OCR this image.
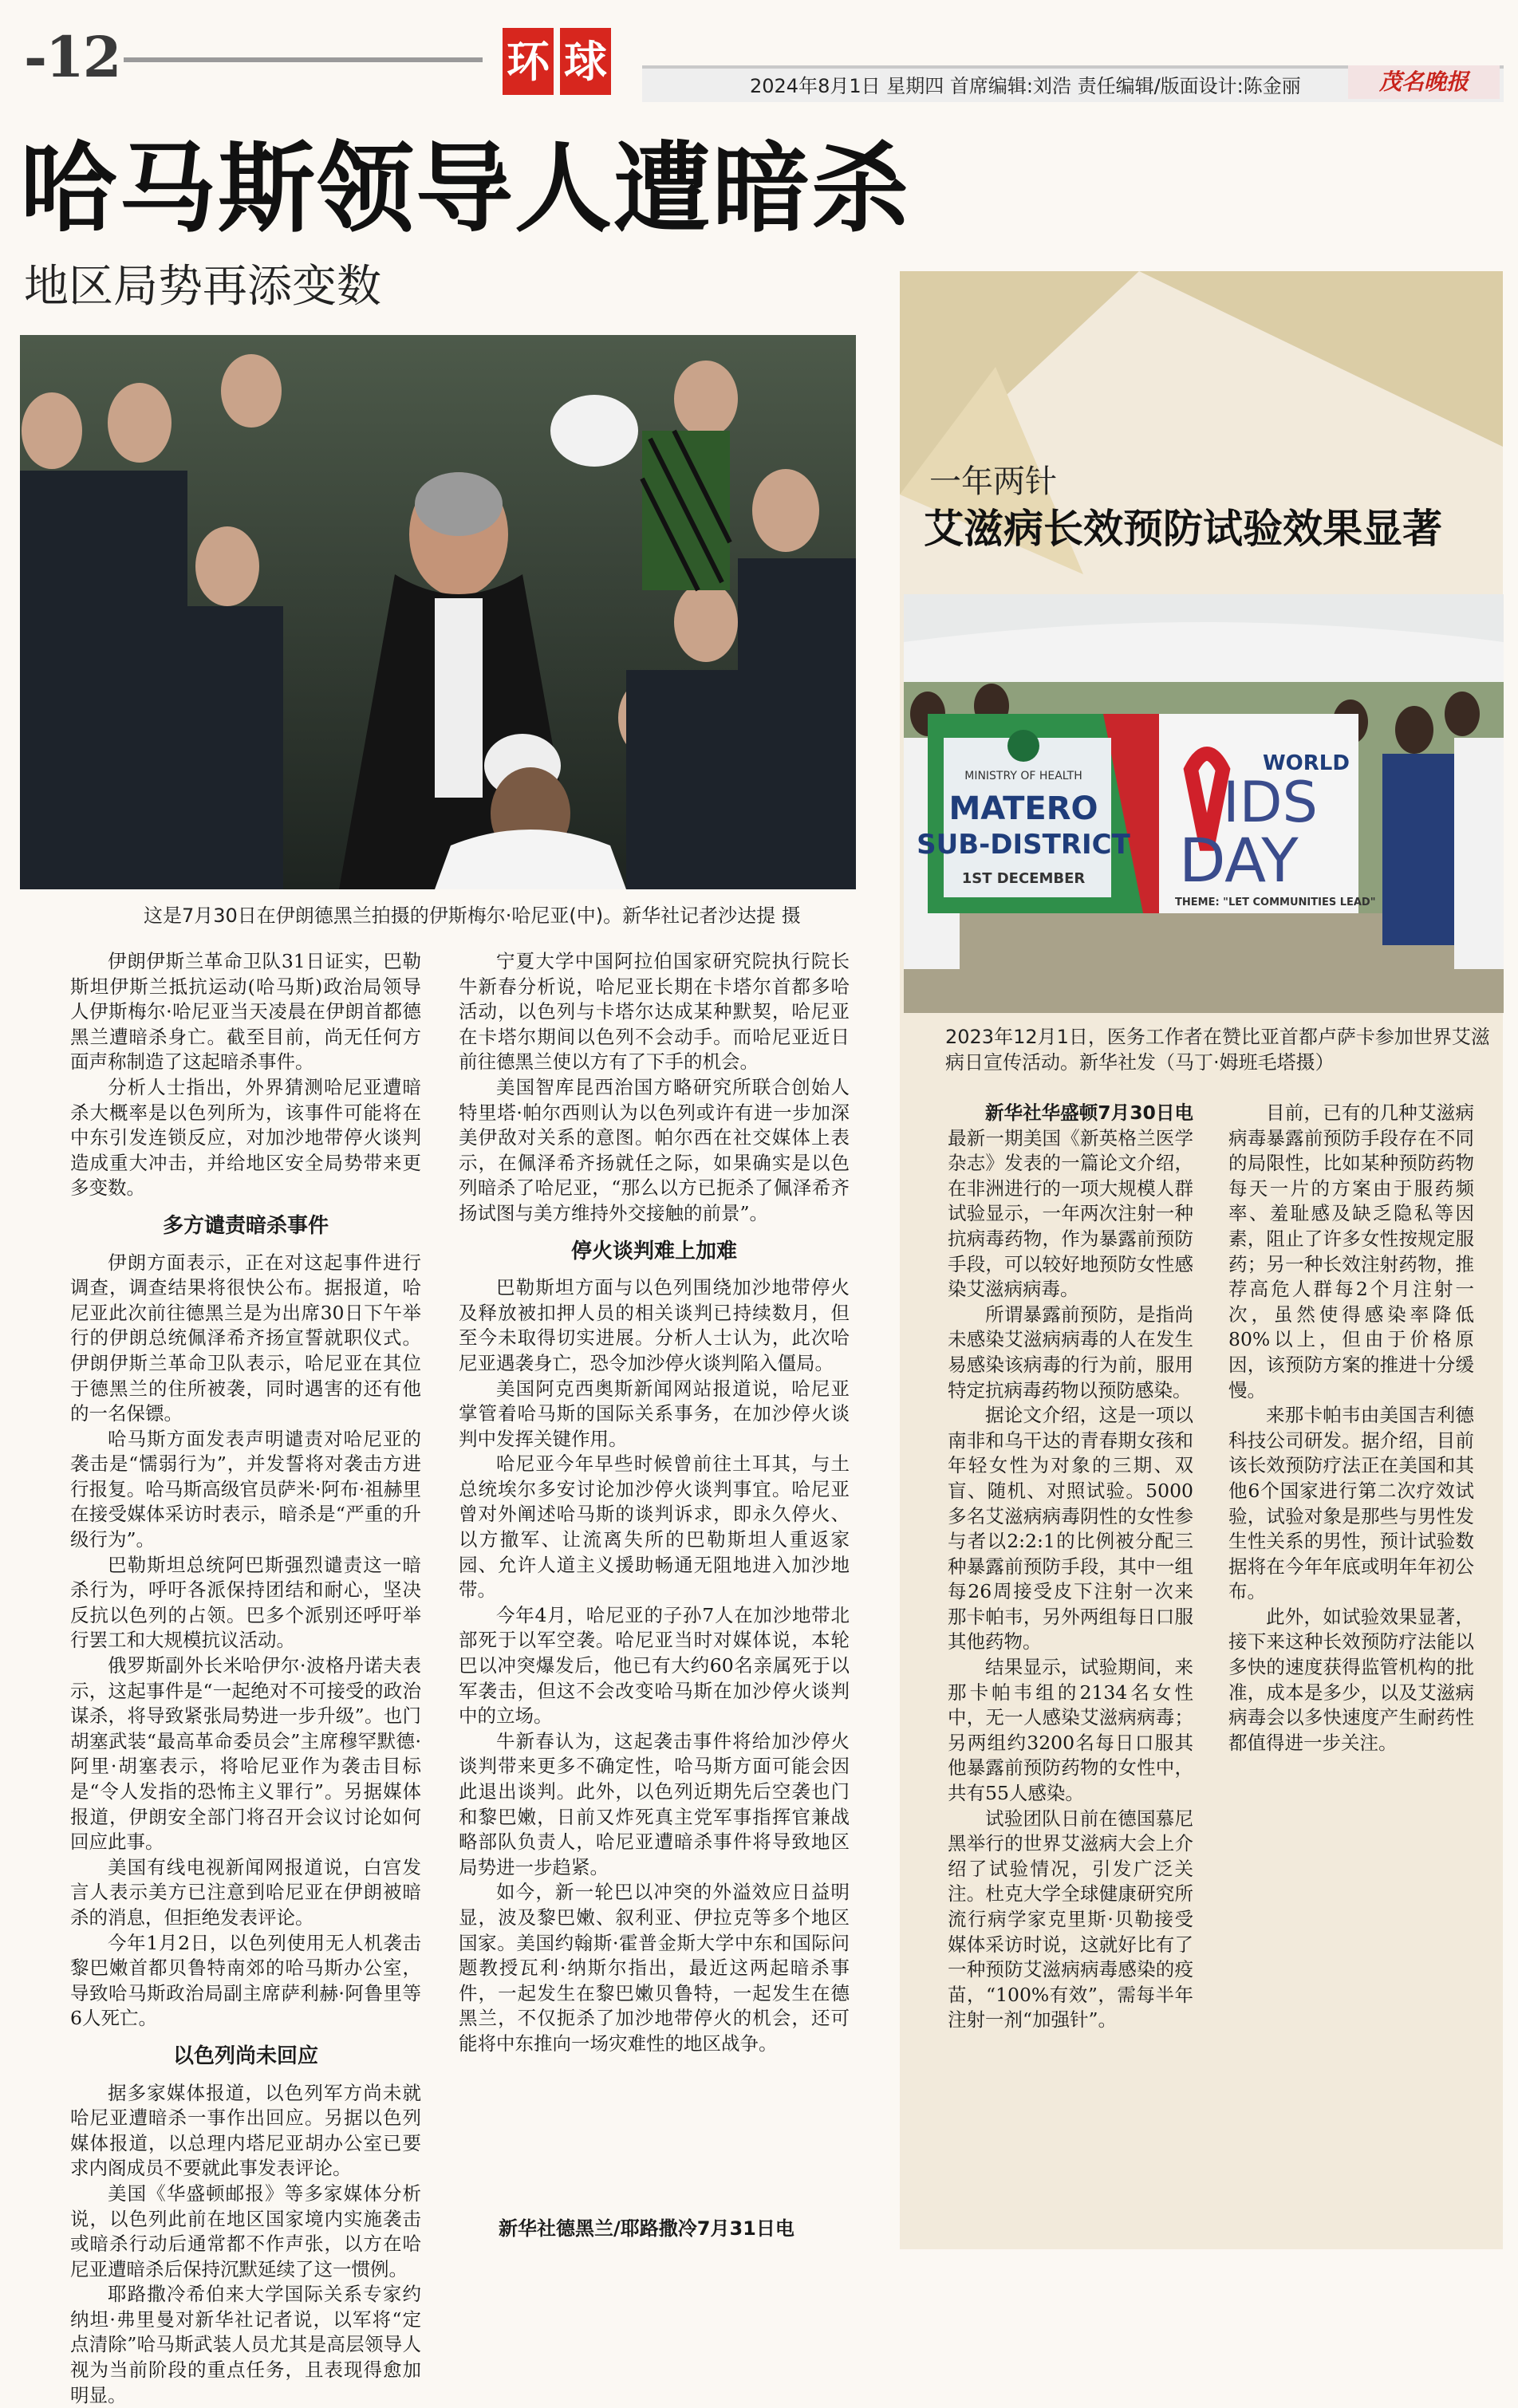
-12	环 球	2024年8月1日 星期四 首席编辑:刘浩 责任编辑/版面设计:陈金丽	茂名晚报
哈马斯领导人遭暗杀
地区局势再添变数
这是7月30日在伊朗德黑兰拍摄的伊斯梅尔·哈尼亚(中)。新华社记者沙达提 摄

伊朗伊斯兰革命卫队31日证实，巴勒斯坦伊斯兰抵抗运动(哈马斯)政治局领导人伊斯梅尔·哈尼亚当天凌晨在伊朗首都德黑兰遭暗杀身亡。截至目前，尚无任何方面声称制造了这起暗杀事件。

分析人士指出，外界猜测哈尼亚遭暗杀大概率是以色列所为，该事件可能将在中东引发连锁反应，对加沙地带停火谈判造成重大冲击，并给地区安全局势带来更多变数。

多方谴责暗杀事件

伊朗方面表示，正在对这起事件进行调查，调查结果将很快公布。据报道，哈尼亚此次前往德黑兰是为出席30日下午举行的伊朗总统佩泽希齐扬宣誓就职仪式。伊朗伊斯兰革命卫队表示，哈尼亚在其位于德黑兰的住所被袭，同时遇害的还有他的一名保镖。

哈马斯方面发表声明谴责对哈尼亚的袭击是“懦弱行为”，并发誓将对袭击方进行报复。哈马斯高级官员萨米·阿布·祖赫里在接受媒体采访时表示，暗杀是“严重的升级行为”。

巴勒斯坦总统阿巴斯强烈谴责这一暗杀行为，呼吁各派保持团结和耐心，坚决反抗以色列的占领。巴多个派别还呼吁举行罢工和大规模抗议活动。

俄罗斯副外长米哈伊尔·波格丹诺夫表示，这起事件是“一起绝对不可接受的政治谋杀，将导致紧张局势进一步升级”。也门胡塞武装“最高革命委员会”主席穆罕默德·阿里·胡塞表示，将哈尼亚作为袭击目标是“令人发指的恐怖主义罪行”。另据媒体报道，伊朗安全部门将召开会议讨论如何回应此事。

美国有线电视新闻网报道说，白宫发言人表示美方已注意到哈尼亚在伊朗被暗杀的消息，但拒绝发表评论。

今年1月2日，以色列使用无人机袭击黎巴嫩首都贝鲁特南郊的哈马斯办公室，导致哈马斯政治局副主席萨利赫·阿鲁里等6人死亡。

以色列尚未回应

据多家媒体报道，以色列军方尚未就哈尼亚遭暗杀一事作出回应。另据以色列媒体报道，以总理内塔尼亚胡办公室已要求内阁成员不要就此事发表评论。

美国《华盛顿邮报》等多家媒体分析说，以色列此前在地区国家境内实施袭击或暗杀行动后通常都不作声张，以方在哈尼亚遭暗杀后保持沉默延续了这一惯例。

耶路撒冷希伯来大学国际关系专家约纳坦·弗里曼对新华社记者说，以军将“定点清除”哈马斯武装人员尤其是高层领导人视为当前阶段的重点任务，且表现得愈加明显。

宁夏大学中国阿拉伯国家研究院执行院长牛新春分析说，哈尼亚长期在卡塔尔首都多哈活动，以色列与卡塔尔达成某种默契，哈尼亚在卡塔尔期间以色列不会动手。而哈尼亚近日前往德黑兰使以方有了下手的机会。

美国智库昆西治国方略研究所联合创始人特里塔·帕尔西则认为以色列或许有进一步加深美伊敌对关系的意图。帕尔西在社交媒体上表示，在佩泽希齐扬就任之际，如果确实是以色列暗杀了哈尼亚，“那么以方已扼杀了佩泽希齐扬试图与美方维持外交接触的前景”。

停火谈判难上加难

巴勒斯坦方面与以色列围绕加沙地带停火及释放被扣押人员的相关谈判已持续数月，但至今未取得切实进展。分析人士认为，此次哈尼亚遇袭身亡，恐令加沙停火谈判陷入僵局。

美国阿克西奥斯新闻网站报道说，哈尼亚掌管着哈马斯的国际关系事务，在加沙停火谈判中发挥关键作用。

哈尼亚今年早些时候曾前往土耳其，与土总统埃尔多安讨论加沙停火谈判事宜。哈尼亚曾对外阐述哈马斯的谈判诉求，即永久停火、以方撤军、让流离失所的巴勒斯坦人重返家园、允许人道主义援助畅通无阻地进入加沙地带。

今年4月，哈尼亚的子孙7人在加沙地带北部死于以军空袭。哈尼亚当时对媒体说，本轮巴以冲突爆发后，他已有大约60名亲属死于以军袭击，但这不会改变哈马斯在加沙停火谈判中的立场。

牛新春认为，这起袭击事件将给加沙停火谈判带来更多不确定性，哈马斯方面可能会因此退出谈判。此外，以色列近期先后空袭也门和黎巴嫩，日前又炸死真主党军事指挥官兼战略部队负责人，哈尼亚遭暗杀事件将导致地区局势进一步趋紧。

如今，新一轮巴以冲突的外溢效应日益明显，波及黎巴嫩、叙利亚、伊拉克等多个地区国家。美国约翰斯·霍普金斯大学中东和国际问题教授瓦利·纳斯尔指出，最近这两起暗杀事件，一起发生在黎巴嫩贝鲁特，一起发生在德黑兰，不仅扼杀了加沙地带停火的机会，还可能将中东推向一场灾难性的地区战争。

新华社德黑兰/耶路撒冷7月31日电
一年两针
艾滋病长效预防试验效果显著
MINISTRY OF HEALTH
MATERO
SUB-DISTRICT
1ST DECEMBER
WORLD
IDS
DAY
THEME: "LET COMMUNITIES LEAD"
2023年12月1日，医务工作者在赞比亚首都卢萨卡参加世界艾滋病日宣传活动。新华社发（马丁·姆班毛塔摄）

新华社华盛顿7月30日电 最新一期美国《新英格兰医学杂志》发表的一篇论文介绍，在非洲进行的一项大规模人群试验显示，一年两次注射一种抗病毒药物，作为暴露前预防手段，可以较好地预防女性感染艾滋病病毒。

所谓暴露前预防，是指尚未感染艾滋病病毒的人在发生易感染该病毒的行为前，服用特定抗病毒药物以预防感染。

据论文介绍，这是一项以南非和乌干达的青春期女孩和年轻女性为对象的三期、双盲、随机、对照试验。5000多名艾滋病病毒阴性的女性参与者以2:2:1的比例被分配三种暴露前预防手段，其中一组每26周接受皮下注射一次来那卡帕韦，另外两组每日口服其他药物。

结果显示，试验期间，来那卡帕韦组的2134名女性中，无一人感染艾滋病病毒；另两组约3200名每日口服其他暴露前预防药物的女性中，共有55人感染。

试验团队日前在德国慕尼黑举行的世界艾滋病大会上介绍了试验情况，引发广泛关注。杜克大学全球健康研究所流行病学家克里斯·贝勒接受媒体采访时说，这就好比有了一种预防艾滋病病毒感染的疫苗，“100%有效”，需每半年注射一剂“加强针”。

目前，已有的几种艾滋病病毒暴露前预防手段存在不同的局限性，比如某种预防药物每天一片的方案由于服药频率、羞耻感及缺乏隐私等因素，阻止了许多女性按规定服药；另一种长效注射药物，推荐高危人群每2个月注射一次，虽然使得感染率降低80%以上，但由于价格原因，该预防方案的推进十分缓慢。

来那卡帕韦由美国吉利德科技公司研发。据介绍，目前该长效预防疗法正在美国和其他6个国家进行第二次疗效试验，试验对象是那些与男性发生性关系的男性，预计试验数据将在今年年底或明年年初公布。

此外，如试验效果显著，接下来这种长效预防疗法能以多快的速度获得监管机构的批准，成本是多少，以及艾滋病病毒会以多快速度产生耐药性都值得进一步关注。
